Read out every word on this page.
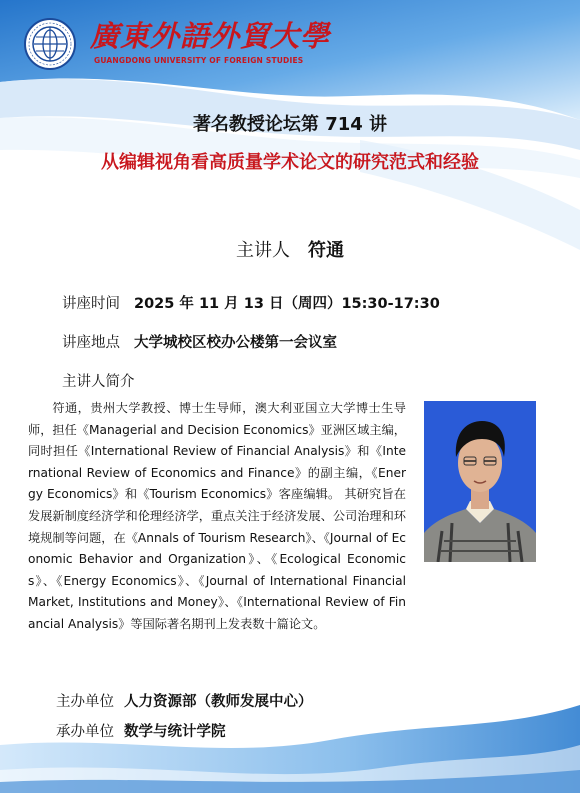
廣東外語外貿大學
GUANGDONG UNIVERSITY OF FOREIGN STUDIES
著名教授论坛第 714 讲
从编辑视角看高质量学术论文的研究范式和经验
主讲人 符通
讲座时间 2025 年 11 月 13 日（周四）15:30-17:30
讲座地点 大学城校区校办公楼第一会议室
主讲人简介

符通，贵州大学教授、博士生导师，澳大利亚国立大学博士生导师，担任《Managerial and Decision Economics》亚洲区域主编，同时担任《International Review of Financial Analysis》和《International Review of Economics and Finance》的副主编，《Energy Economics》和《Tourism Economics》客座编辑。 其研究旨在发展新制度经济学和伦理经济学，重点关注于经济发展、公司治理和环境规制等问题，在《Annals of Tourism Research》、《Journal of Economic Behavior and Organization》、《Ecological Economics》、《Energy Economics》、《Journal of International Financial Market, Institutions and Money》、《International Review of Financial Analysis》等国际著名期刊上发表数十篇论文。

主办单位 人力资源部（教师发展中心）
承办单位 数学与统计学院
